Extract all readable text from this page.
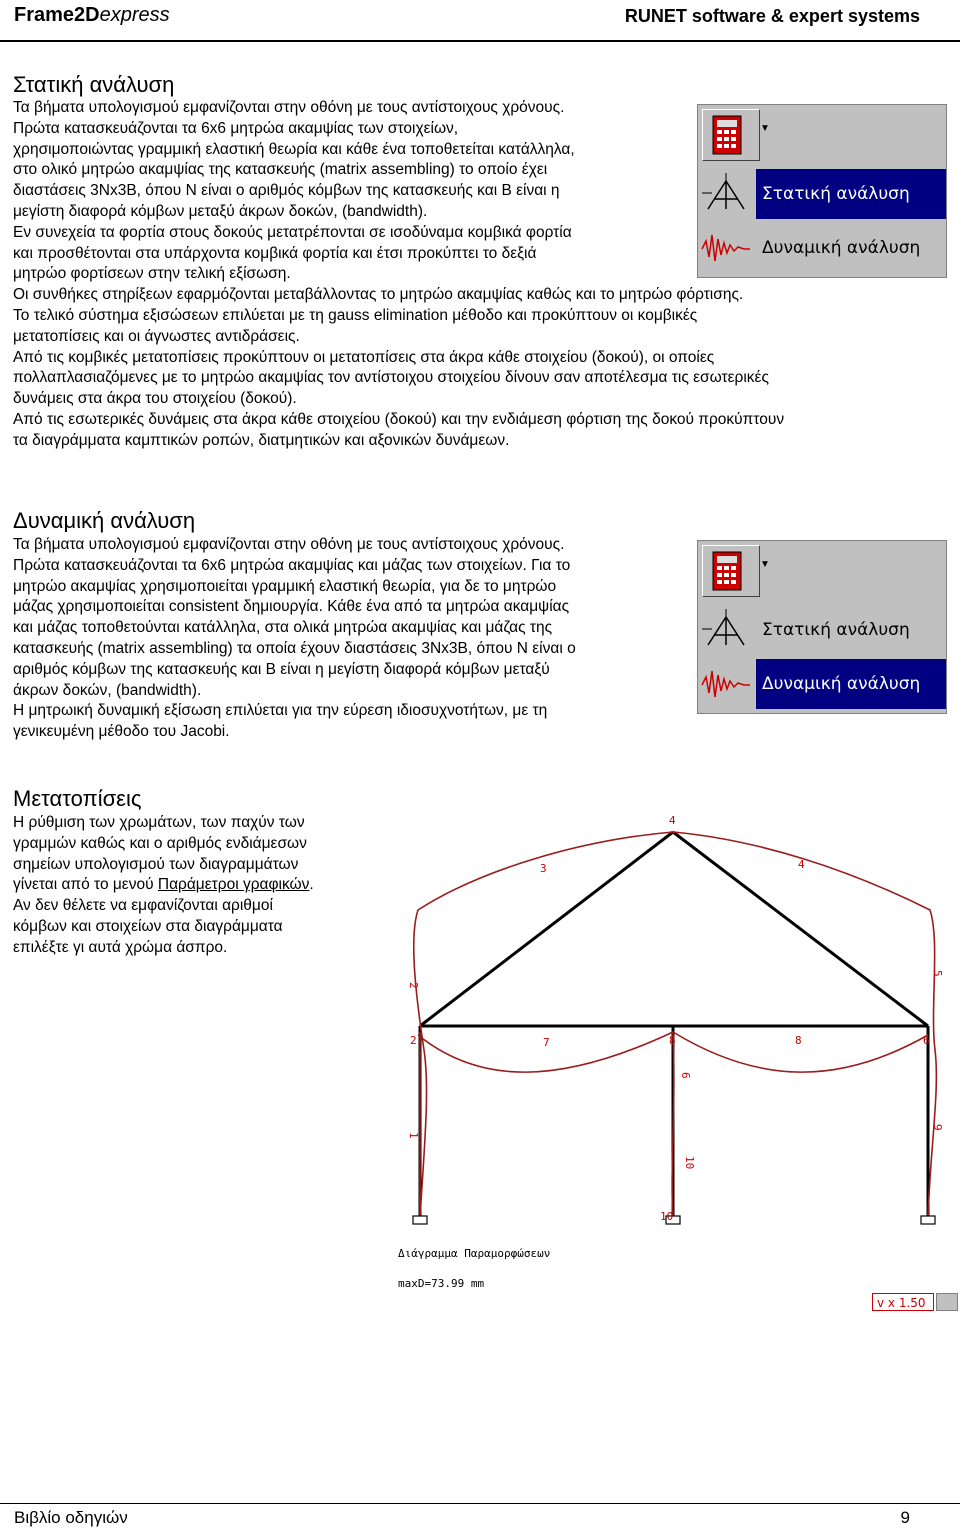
Frame2Dexpress	RUNET software & expert systems
Στατική ανάλυση

Τα βήματα υπολογισμού εμφανίζονται στην οθόνη με τους αντίστοιχους χρόνους.

Πρώτα κατασκευάζονται τα 6x6 μητρώα ακαμψίας των στοιχείων,

χρησιμοποιώντας γραμμική ελαστική θεωρία και κάθε ένα τοποθετείται κατάλληλα,

στο ολικό μητρώο ακαμψίας της κατασκευής (matrix assembling) το οποίο έχει

διαστάσεις 3Nx3B, όπου N είναι ο αριθμός κόμβων της κατασκευής και B είναι η

μεγίστη διαφορά κόμβων μεταξύ άκρων δοκών, (bandwidth).

Εν συνεχεία τα φορτία στους δοκούς μετατρέπονται σε ισοδύναμα κομβικά φορτία

και προσθέτονται στα υπάρχοντα κομβικά φορτία και έτσι προκύπτει το δεξιά

μητρώο φορτίσεων στην τελική εξίσωση.

Οι συνθήκες στηρίξεων εφαρμόζονται μεταβάλλοντας το μητρώο ακαμψίας καθώς και το μητρώο φόρτισης.

Το τελικό σύστημα εξισώσεων επιλύεται με τη gauss elimination μέθοδο και προκύπτουν οι κομβικές

μετατοπίσεις και οι άγνωστες αντιδράσεις.

Από τις κομβικές μετατοπίσεις προκύπτουν οι μετατοπίσεις στα άκρα κάθε στοιχείου (δοκού), οι οποίες

πολλαπλασιαζόμενες με το μητρώο ακαμψίας τον αντίστοιχου στοιχείου δίνουν σαν αποτέλεσμα τις εσωτερικές

δυνάμεις στα άκρα του στοιχείου (δοκού).

Από τις εσωτερικές δυνάμεις στα άκρα κάθε στοιχείου (δοκού) και την ενδιάμεση φόρτιση της δοκού προκύπτουν

τα διαγράμματα καμπτικών ροπών, διατμητικών και αξονικών δυνάμεων.

▼
Στατική ανάλυση
Δυναμική ανάλυση
Δυναμική ανάλυση

Τα βήματα υπολογισμού εμφανίζονται στην οθόνη με τους αντίστοιχους χρόνους.

Πρώτα κατασκευάζονται τα 6x6 μητρώα ακαμψίας και μάζας των στοιχείων. Για το

μητρώο ακαμψίας χρησιμοποιείται γραμμική ελαστική θεωρία, για δε το μητρώο

μάζας χρησιμοποιείται consistent δημιουργία. Κάθε ένα από τα μητρώα ακαμψίας

και μάζας τοποθετούνται κατάλληλα, στα ολικά μητρώα ακαμψίας και μάζας της

κατασκευής (matrix assembling) τα οποία έχουν διαστάσεις 3Nx3B, όπου N είναι ο

αριθμός κόμβων της κατασκευής και B είναι η μεγίστη διαφορά κόμβων μεταξύ

άκρων δοκών, (bandwidth).

Η μητρωική δυναμική εξίσωση επιλύεται για την εύρεση ιδιοσυχνοτήτων, με τη

γενικευμένη μέθοδο του Jacobi.

▼
Στατική ανάλυση
Δυναμική ανάλυση
Μετατοπίσεις

Η ρύθμιση των χρωμάτων, των παχύν των

γραμμών καθώς και ο αριθμός ενδιάμεσων

σημείων υπολογισμού των διαγραμμάτων

γίνεται από το μενού Παράμετροι γραφικών.

Αν δεν θέλετε να εμφανίζονται αριθμοί

κόμβων και στοιχείων στα διαγράμματα

επιλέξτε γι αυτά χρώμα άσπρο.

4
2	8	6
10
3	4
7	8
2
1
5
9
6
10
Διάγραμμα Παραμορφώσεων
maxD=73.99 mm
v x 1.50
Βιβλίο οδηγιών	9
